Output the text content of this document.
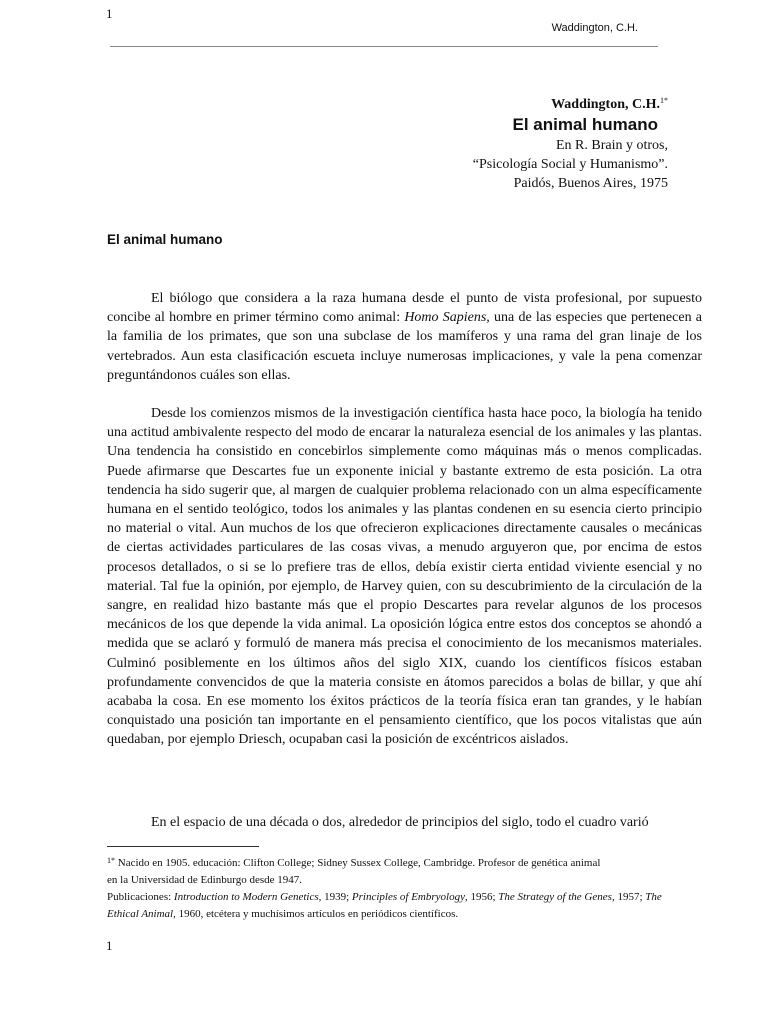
1
Waddington, C.H.
Waddington, C.H.$^{1*}$
El animal humano
En R. Brain y otros,
“Psicología Social y Humanismo”.
Paidós, Buenos Aires, 1975
El animal humano

El biólogo que considera a la raza humana desde el punto de vista profesional, por supuesto concibe al hombre en primer término como animal: Homo Sapiens, una de las especies que pertenecen a la familia de los primates, que son una subclase de los mamíferos y una rama del gran linaje de los vertebrados. Aun esta clasificación escueta incluye numerosas implicaciones, y vale la pena comenzar preguntándonos cuáles son ellas.

Desde los comienzos mismos de la investigación científica hasta hace poco, la biología ha tenido una actitud ambivalente respecto del modo de encarar la naturaleza esencial de los animales y las plantas. Una tendencia ha consistido en concebirlos simplemente como máquinas más o menos complicadas. Puede afirmarse que Descartes fue un exponente inicial y bastante extremo de esta posición. La otra tendencia ha sido sugerir que, al margen de cualquier problema relacionado con un alma específicamente humana en el sentido teológico, todos los animales y las plantas condenen en su esencia cierto principio no material o vital. Aun muchos de los que ofrecieron explicaciones directamente causales o mecánicas de ciertas actividades particulares de las cosas vivas, a menudo arguyeron que, por encima de estos procesos detallados, o si se lo prefiere tras de ellos, debía existir cierta entidad viviente esencial y no material. Tal fue la opinión, por ejemplo, de Harvey quien, con su descubrimiento de la circulación de la sangre, en realidad hizo bastante más que el propio Descartes para revelar algunos de los procesos mecánicos de los que depende la vida animal. La oposición lógica entre estos dos conceptos se ahondó a medida que se aclaró y formuló de manera más precisa el conocimiento de los mecanismos materiales. Culminó posiblemente en los últimos años del siglo XIX, cuando los científicos físicos estaban profundamente convencidos de que la materia consiste en átomos parecidos a bolas de billar, y que ahí acababa la cosa. En ese momento los éxitos prácticos de la teoría física eran tan grandes, y le habían conquistado una posición tan importante en el pensamiento científico, que los pocos vitalistas que aún quedaban, por ejemplo Driesch, ocupaban casi la posición de excéntricos aislados.

En el espacio de una década o dos, alrededor de principios del siglo, todo el cuadro varió

$^{1*}$ Nacido en 1905. educación: Clifton College; Sidney Sussex College, Cambridge. Profesor de genética animal
en la Universidad de Edinburgo desde 1947.

Publicaciones: Introduction to Modern Genetics, 1939; Principles of Embryology, 1956; The Strategy of the Genes, 1957; The Ethical Animal, 1960, etcétera y muchísimos artículos en periódicos científicos.

1
